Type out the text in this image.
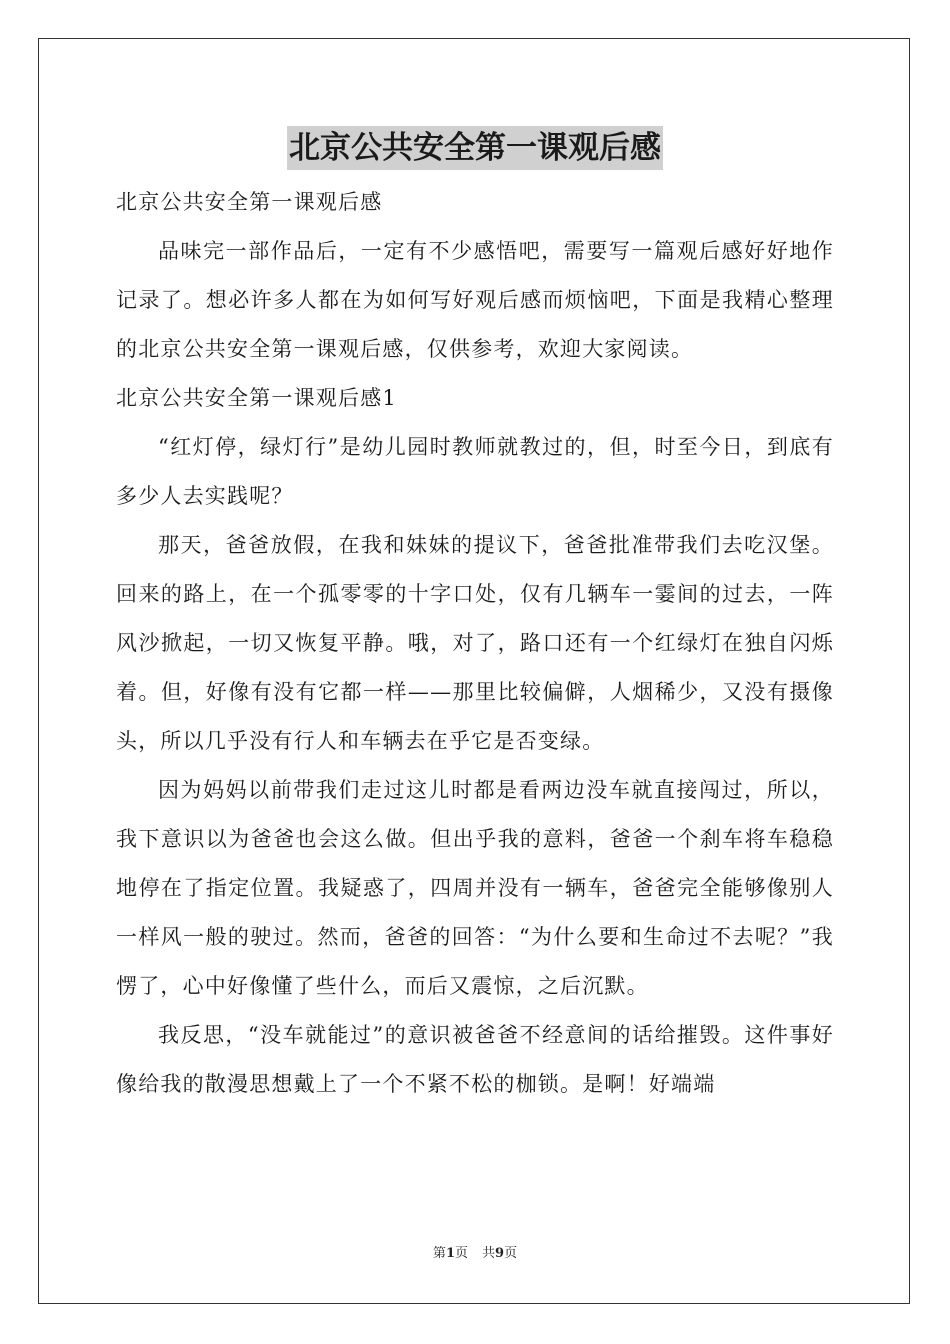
北京公共安全第一课观后感

北京公共安全第一课观后感

品味完一部作品后，一定有不少感悟吧，需要写一篇观后感好好地作记录了。想必许多人都在为如何写好观后感而烦恼吧，下面是我精心整理的北京公共安全第一课观后感，仅供参考，欢迎大家阅读。

北京公共安全第一课观后感1

“红灯停，绿灯行”是幼儿园时教师就教过的，但，时至今日，到底有多少人去实践呢？

那天，爸爸放假，在我和妹妹的提议下，爸爸批准带我们去吃汉堡。回来的路上，在一个孤零零的十字口处，仅有几辆车一霎间的过去，一阵风沙掀起，一切又恢复平静。哦，对了，路口还有一个红绿灯在独自闪烁着。但，好像有没有它都一样——那里比较偏僻，人烟稀少，又没有摄像头，所以几乎没有行人和车辆去在乎它是否变绿。

因为妈妈以前带我们走过这儿时都是看两边没车就直接闯过，所以，我下意识以为爸爸也会这么做。但出乎我的意料，爸爸一个刹车将车稳稳地停在了指定位置。我疑惑了，四周并没有一辆车，爸爸完全能够像别人一样风一般的驶过。然而，爸爸的回答：“为什么要和生命过不去呢？”我愣了，心中好像懂了些什么，而后又震惊，之后沉默。

我反思，“没车就能过”的意识被爸爸不经意间的话给摧毁。这件事好像给我的散漫思想戴上了一个不紧不松的枷锁。是啊！好端端

第1页 共9页
